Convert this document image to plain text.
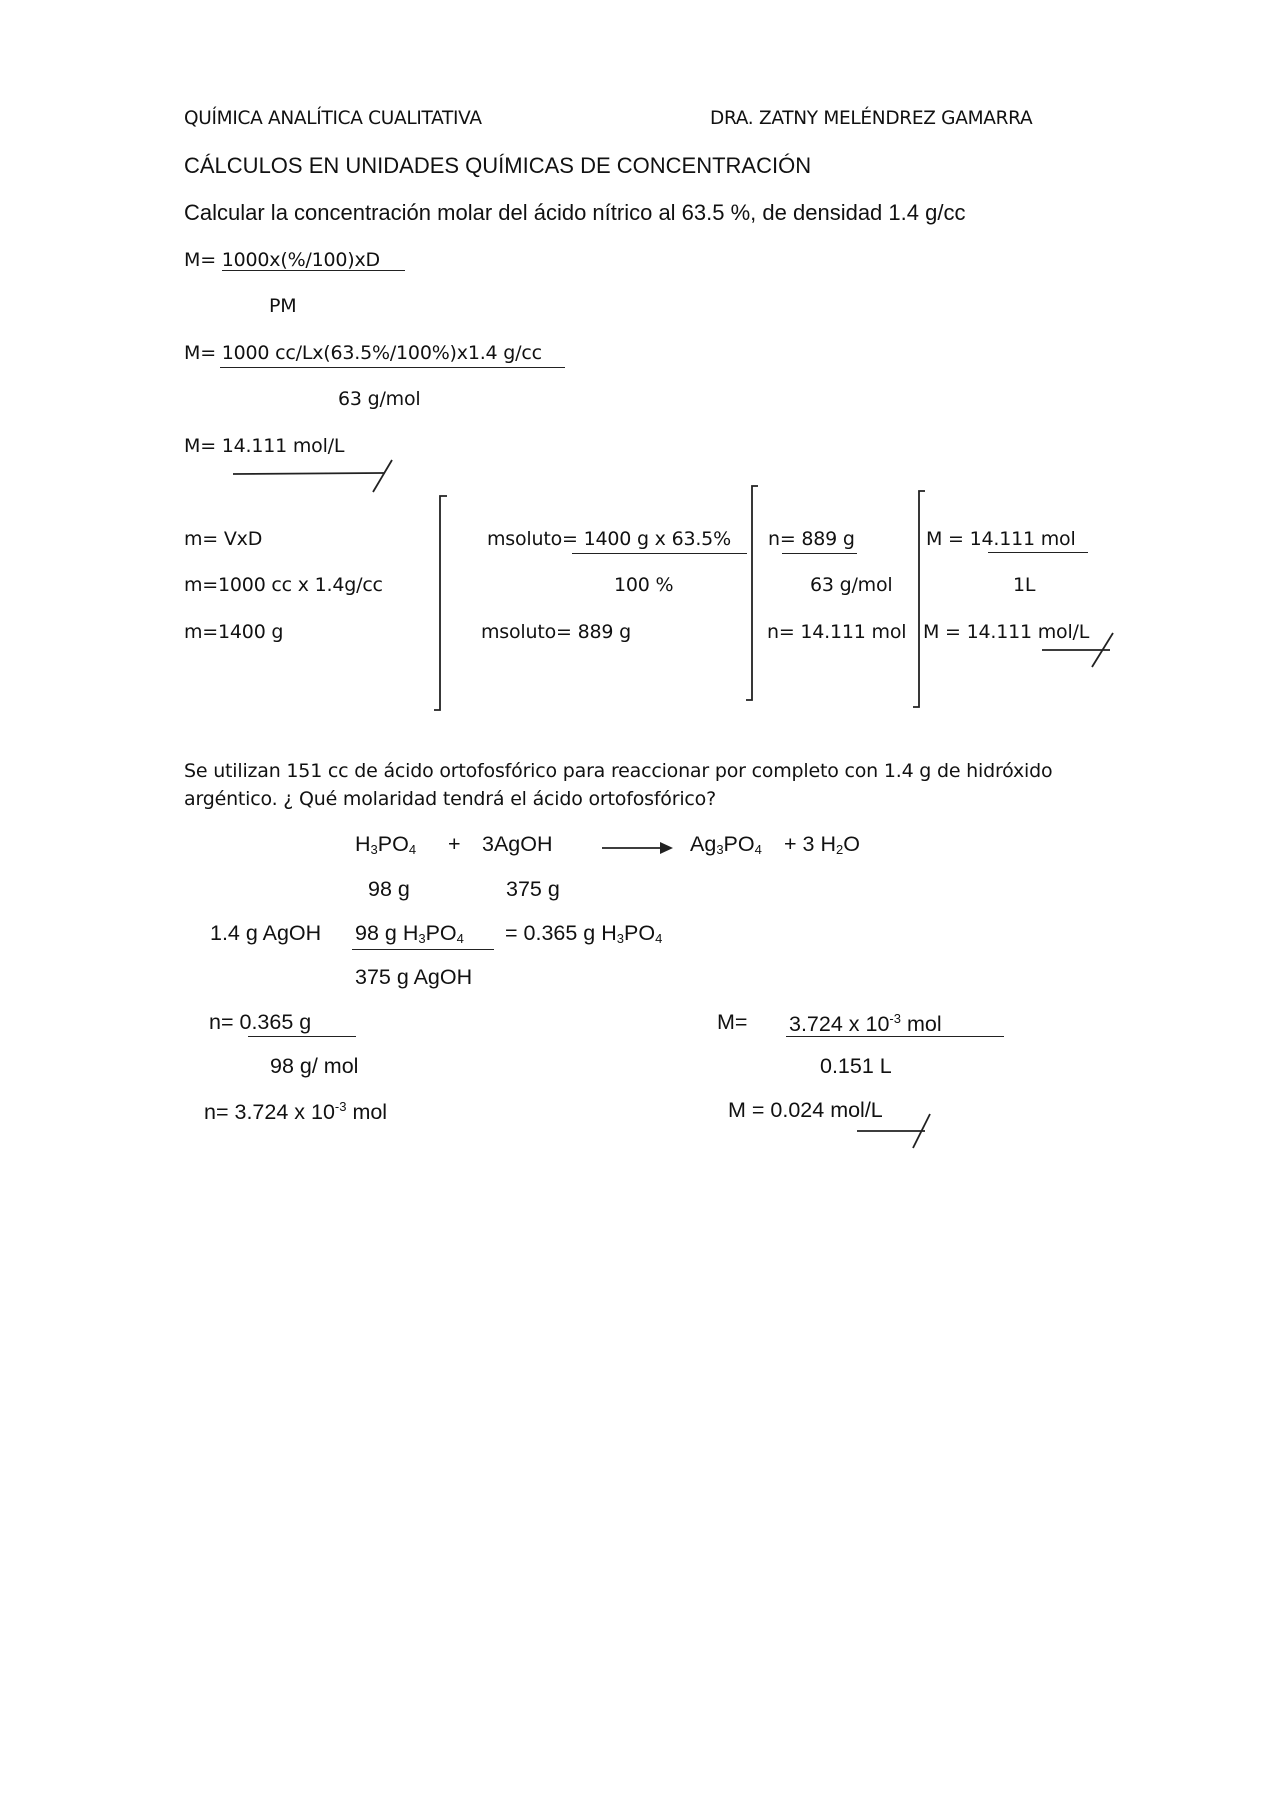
QUÍMICA ANALÍTICA CUALITATIVA	DRA. ZATNY MELÉNDREZ GAMARRA
CÁLCULOS EN UNIDADES QUÍMICAS DE CONCENTRACIÓN
Calcular la concentración molar del ácido nítrico al 63.5 %, de densidad 1.4 g/cc
M= 1000x(%/100)xD
PM
M= 1000 cc/Lx(63.5%/100%)x1.4 g/cc
63 g/mol
M= 14.111 mol/L
m= VxD
m=1000 cc x 1.4g/cc
m=1400 g
msoluto= 1400 g x 63.5%
100 %
msoluto= 889 g
n= 889 g
63 g/mol
n= 14.111 mol
M = 14.111 mol
1L
M = 14.111 mol/L
Se utilizan 151 cc de ácido ortofosfórico para reaccionar por completo con 1.4 g de hidróxido
argéntico. ¿ Qué molaridad tendrá el ácido ortofosfórico?
$H_3PO_4$ + 3AgOH	$Ag_3PO_4 + 3$ $H_2O$
98 g	375 g
1.4 g AgOH 98 g $H_3PO_4 = 0.365$ g $H_3PO_4$
375 g AgOH
n= 0.365 g
98 g/ mol
n= 3.724 x $10^{-3}$ mol
M= 3.724 x $10^{-3}$ mol
0.151 L
M = 0.024 mol/L
